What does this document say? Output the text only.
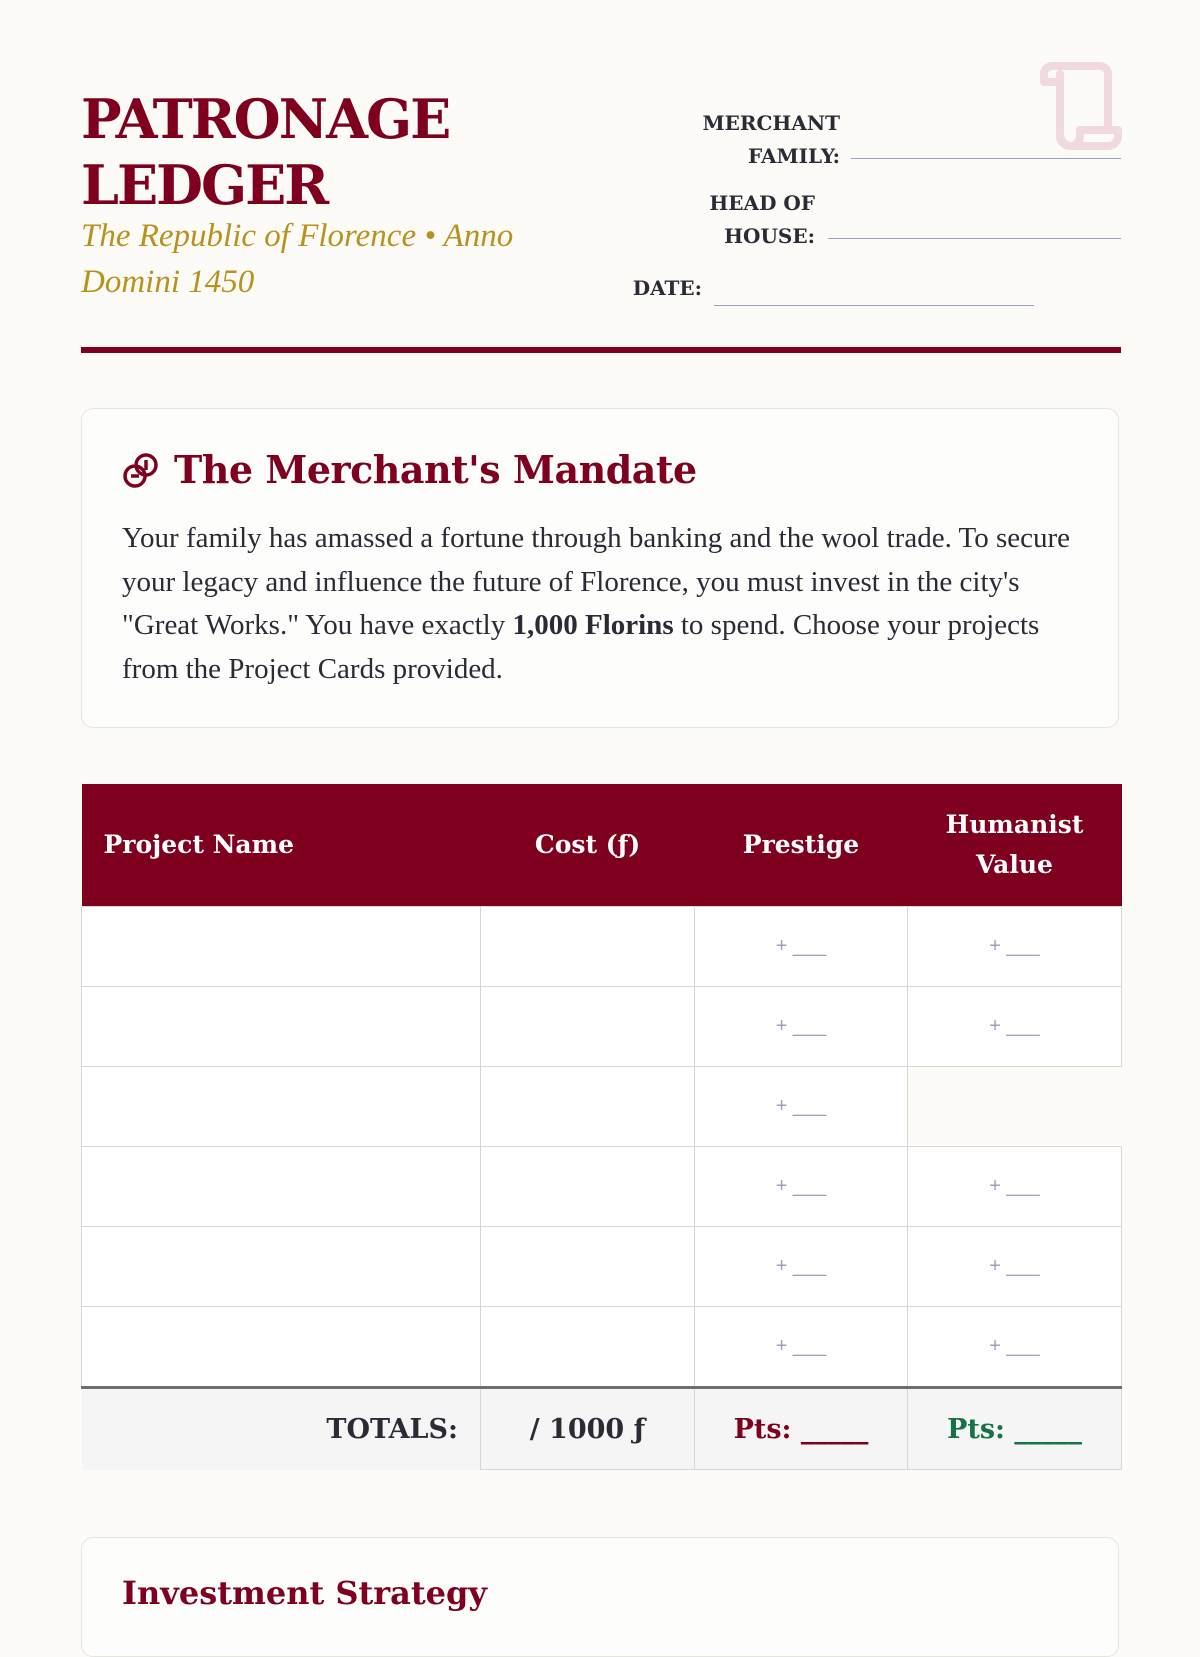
PATRONAGE LEDGER
The Republic of Florence • Anno Domini 1450
MERCHANT FAMILY:
HEAD OF HOUSE:
DATE:
The Merchant's Mandate
Your family has amassed a fortune through banking and the wool trade. To secure your legacy and influence the future of Florence, you must invest in the city's "Great Works." You have exactly 1,000 Florins to spend. Choose your projects from the Project Cards provided.
Project Name	Cost (ƒ)	Prestige	Humanist Value
		+ ___	+ ___
		+ ___	+ ___
		+ ___	
		+ ___	+ ___
		+ ___	+ ___
		+ ___	+ ___
TOTALS:	/ 1000 ƒ	Pts: _____	Pts: _____
Investment Strategy
